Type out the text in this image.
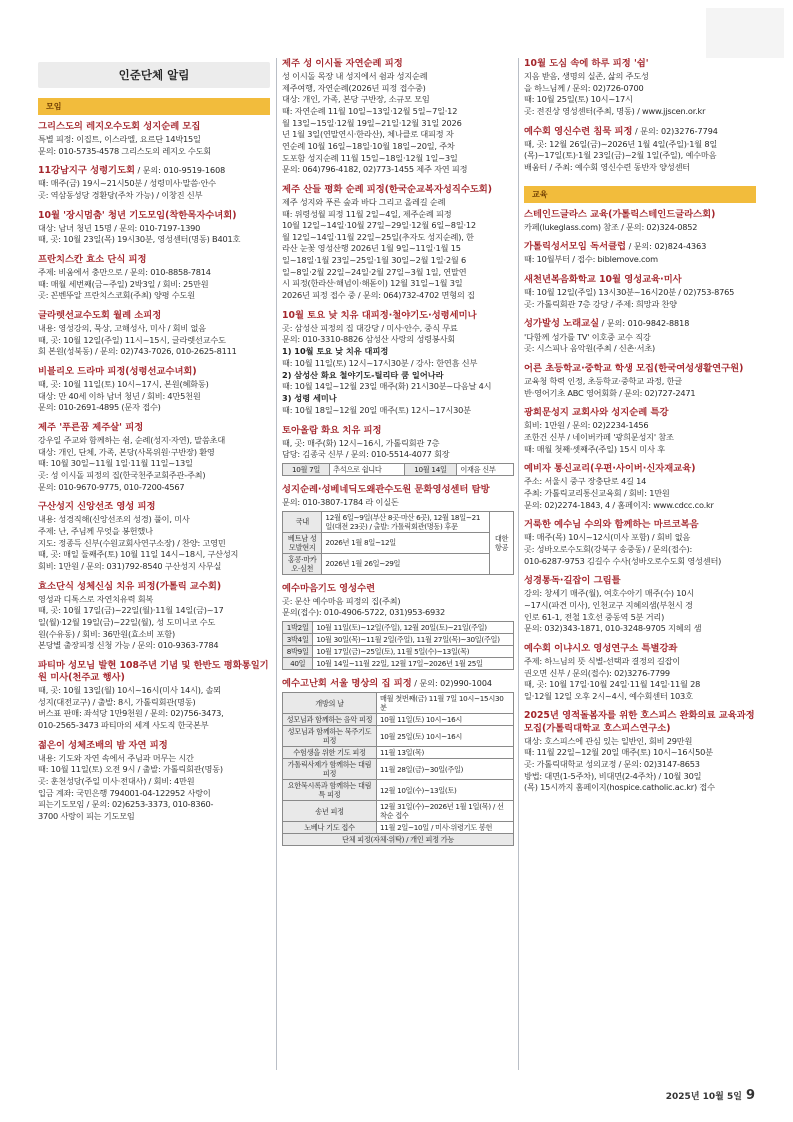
인준단체 알림
모임
그리스도의 레지오수도회 성지순례 모집
특별 피정: 이집트, 이스라엘, 요르단 14박15일
문의: 010-5735-4578 그리스도의 레지오 수도회
11강남지구 성령기도회 / 문의: 010-9519-1608
때: 매주(금) 19시~21시50분 / 성령미사·말씀·안수
곳: 역삼동성당 경환당(주차 가능) / 이창진 신부
10월 '장시멈춤' 청년 기도모임(착한목자수녀회)
대상: 남녀 청년 15명 / 문의: 010-7197-1390
때, 곳: 10월 23일(목) 19시30분, 영성센터(명동) B401호
프란치스칸 효소 단식 피정
주제: 비움에서 충만으로 / 문의: 010-8858-7814
때: 매월 세번째(금~주일) 2박3일 / 회비: 25만원
곳: 꼰벤뚜알 프란치스코회(주최) 양평 수도원
글라렛선교수도회 월례 소피정
내용: 영성강의, 묵상, 고해성사, 미사 / 회비 없음
때, 곳: 10월 12일(주일) 11시~15시, 글라렛선교수도
회 본원(성북동) / 문의: 02)743-7026, 010-2625-8111
비블리오 드라마 피정(성령선교수녀회)
때, 곳: 10월 11일(토) 10시~17시, 본원(혜화동)
대상: 만 40세 이하 남녀 청년 / 회비: 4만5천원
문의: 010-2691-4895 (문자 접수)
제주 '푸른꿈 제주살' 피정
강우일 주교와 함께하는 쉼, 순례(성지·자연), 말씀초대
대상: 개인, 단체, 가족, 본당(사목위원·구반장) 환영
때: 10월 30일~11월 1일·11월 11일~13일
곳: 성 이시돌 피정의 집(한국천주교회주관-주최)
문의: 010-9670-9775, 010-7200-4567
구산성지 신앙선조 영성 피정
내용: 성경직해(신앙선조의 성경) 풀이, 미사
주제: 난, 주님께 무엇을 봉헌했나
지도: 정종득 신부(수원교회사연구소장) / 찬양: 고영민
때, 곳: 매일 둘째주(토) 10월 11일 14시~18시, 구산성지
회비: 1만원 / 문의: 031)792-8540 구산성지 사무실
효소단식 성체신심 치유 피정(가톨릭 교수회)
영성과 디톡스로 자연치유력 회복
때, 곳: 10월 17일(금)~22일(월)·11월 14일(금)~17
일(월)·12월 19일(금)~22일(월), 성 도미니코 수도
원(수유동) / 회비: 36만원(효소비 포함)
본당별 출장피정 신청 가능 / 문의: 010-9363-7784
파티마 성모님 발현 108주년 기념 및 한반도 평화통일기원 미사(천주교 행사)
때, 곳: 10월 13일(월) 10시~16시(미사 14시), 솔뫼
성지(대전교구) / 출발: 8시, 가톨릭회관(명동)
버스표 판매: 좌석당 1만9천원 / 문의: 02)756-3473,
010-2565-3473 파티마의 세계 사도직 한국본부
젊은이 성체조배의 밤 자연 피정
내용: 기도와 자연 속에서 주님과 머무는 시간
때: 10월 11일(토) 오전 9시 / 출발: 가톨릭회관(명동)
곳: 훈천성당(주일 미사·전대사) / 회비: 4만원
입금 계좌: 국민은행 794001-04-122952 사랑이
피는기도모임 / 문의: 02)6253-3373, 010-8360-
3700 사랑이 피는 기도모임
제주 성 이시돌 자연순례 피정
성 이시돌 목장 내 성지에서 쉼과 성지순례
제주여행, 자연순례(2026년 피정 접수중)
대상: 개인, 가족, 본당 구반장, 소규모 모임
때: 자연순례 11월 10일~13일·12월 5일~7일·12
월 13일~15일·12월 19일~21일·12월 31일 2026
년 1월 3일(연말연시·한라산), 체나클로 대피정 자
연순례 10월 16일~18일·10월 18일~20일, 주차
도포함 성지순례 11월 15일~18일·12월 1일~3일
문의: 064)796-4182, 02)773-1455 제주 자연 피정
제주 산들 평화 순례 피정(한국순교복자성직수도회)
제주 성지와 푸른 숲과 바다 그리고 올레길 순례
때: 위령성월 피정 11월 2일~4일, 제주순례 피정
10월 12일~14일·10월 27일~29일·12월 6일~8일·12
월 12일~14일·11월 22일~25일(추자도 성지순례), 한
라산 눈꽃 영성산행 2026년 1월 9일~11일·1월 15
일~18일·1월 23일~25일·1월 30일~2월 1일·2월 6
일~8일·2월 22일~24일·2월 27일~3월 1일, 연말연
시 피정(한라산·해넘이·해돋이) 12월 31일~1월 3일
2026년 피정 접수 중 / 문의: 064)732-4702 면형의 집
10월 토요 낮 치유 대피정·철야기도·성령세미나
곳: 삼성산 피정의 집 대강당 / 미사·안수, 중식 무료
문의: 010-3310-8826 삼성산 사랑의 성령봉사회
1) 10월 토요 낮 치유 대피정
때: 10월 11일(토) 12시~17시30분 / 강사: 한연흠 신부
2) 삼성산 화요 철야기도-틸리타 쿰 일어나라
때: 10월 14일~12월 23일 매주(화) 21시30분~다음날 4시
3) 성령 세미나
때: 10월 18일~12월 20일 매주(토) 12시~17시30분
토아올람 화요 치유 피정
때, 곳: 매주(화) 12시~16시, 가톨릭회관 7층
담당: 김종국 신부 / 문의: 010-5514-4077 회장
10월 7일	추석으로 쉽니다	10월 14일	이재음 신부
성지순례·성베네딕도왜관수도원 문화영성센터 탐방
문의: 010-3807-1784 라 이실돈
국내	12월 6일~9일(부산 8곳·마산 6곳), 12월 18일~21일(대전 23곳) / 출발: 가톨릭회관(명동) 후문	대한항공
베트남 성모발현지	2026년 1월 8일~12일	
홍콩·마카오·심천	2026년 1월 26일~29일	
예수마음기도 영성수련
곳: 문산 예수마음 피정의 집(주최)
문의(접수): 010-4906-5722, 031)953-6932
1박2일	10월 11일(토)~12일(주일), 12월 20일(토)~21일(주일)
3박4일	10월 30일(목)~11월 2일(주일), 11월 27일(목)~30일(주일)
8박9일	10월 17일(금)~25일(토), 11월 5일(수)~13일(목)
40일	10월 14일~11월 22일, 12월 17일~2026년 1월 25일
예수고난회 서울 명상의 집 피정 / 문의: 02)990-1004
개방의 날	매월 첫번째(금) 11월 7일 10시~15시30분
성모님과 함께하는 음악 피정	10월 11일(토) 10시~16시
성모님과 함께하는 묵주기도 피정	10월 25일(토) 10시~16시
수험생을 위한 기도 피정	11월 13일(목)
가톨릭사제가 함께하는 대림 피정	11월 28일(금)~30일(주일)
요한묵시록과 함께하는 대림특 피정	12월 10일(수)~13일(토)
송년 피정	12월 31일(수)~2026년 1월 1일(목) / 선착순 접수
노베나 기도 접수	11월 2일~10일 / 미사·위령기도 봉헌
단체 피정(자체·위탁) / 개인 피정 가능	
10월 도심 속에 하루 피정 '쉼'
지음 받음, 생명의 실존, 삶의 주도성
을 하느님께 / 문의: 02)726-0700
때: 10월 25일(토) 10시~17시
곳: 전진상 영성센터(주최, 명동) / www.jjscen.or.kr
예수회 영신수련 침묵 피정 / 문의: 02)3276-7794
때, 곳: 12월 26일(금)~2026년 1월 4일(주일)·1월 8일
(목)~17일(토)·1월 23일(금)~2월 1일(주일), 예수마음
배움터 / 주최: 예수회 영신수련 동반자 양성센터
교육
스테인드글라스 교육(가톨릭스테인드글라스회)
카페(lukeglass.com) 참조 / 문의: 02)324-0852
가톨릭성서모임 독서클럽 / 문의: 02)824-4363
때: 10월부터 / 접수: biblemove.com
새천년복음화학교 10월 영성교육·미사
때: 10월 12일(주일) 13시30분~16시20분 / 02)753-8765
곳: 가톨릭회관 7층 강당 / 주제: 희망과 찬양
성가발성 노래교실 / 문의: 010-9842-8818
'다함께 성가를 TV' 이호중 교수 직강
곳: 시스피나 음악원(주최 / 신촌·서초)
어른 초등학교·중학교 학생 모집(한국여성생활연구원)
교육청 학력 인정, 초등학교·중학교 과정, 한글
반·영어기초 ABC 영어회화 / 문의: 02)727-2471
광희문성지 교회사와 성지순례 특강
회비: 1만원 / 문의: 02)2234-1456
조한건 신부 / 네이버카페 '광희문성지' 참조
때: 매월 첫째·셋째주(주일) 15시 미사 후
예비자 통신교리(우편·사이버·신자재교육)
주소: 서울시 중구 장충단로 4길 14
주최: 가톨릭교리통신교육회 / 회비: 1만원
문의: 02)2274-1843, 4 / 홈페이지: www.cdcc.co.kr
거룩한 예수님 수의와 함께하는 마르코복음
때: 매주(목) 10시~12시(미사 포함) / 회비 없음
곳: 성바오로수도회(강북구 송중동) / 문의(접수):
010-6287-9753 김길수 수사(성바오로수도회 영성센터)
성경통독·길잡이 그림틀
강의: 창세기 매주(월), 여호수아기 매주(수) 10시
~17시(파견 미사), 인천교구 지혜의샘(부천시 경
인로 61-1, 전철 1호선 중동역 5분 거리)
문의: 032)343-1871, 010-3248-9705 지혜의 샘
예수회 이냐시오 영성연구소 특별강좌
주제: 하느님의 뜻 식별-선택과 결정의 길잡이
권오면 신부 / 문의(접수): 02)3276-7799
때, 곳: 10월 17일·10월 24일·11월 14일·11월 28
일·12월 12일 오후 2시~4시, 예수회센터 103호
2025년 영적돌봄자를 위한 호스피스 완화의료 교육과정 모집(가톨릭대학교 호스피스연구소)
대상: 호스피스에 관심 있는 일반인, 회비 29만원
때: 11월 22일~12월 20일 매주(토) 10시~16시50분
곳: 가톨릭대학교 성의교정 / 문의: 02)3147-8653
방법: 대면(1-5주차), 비대면(2-4주차) / 10월 30일
(목) 15시까지 홈페이지(hospice.catholic.ac.kr) 접수
2025년 10월 5일 9
